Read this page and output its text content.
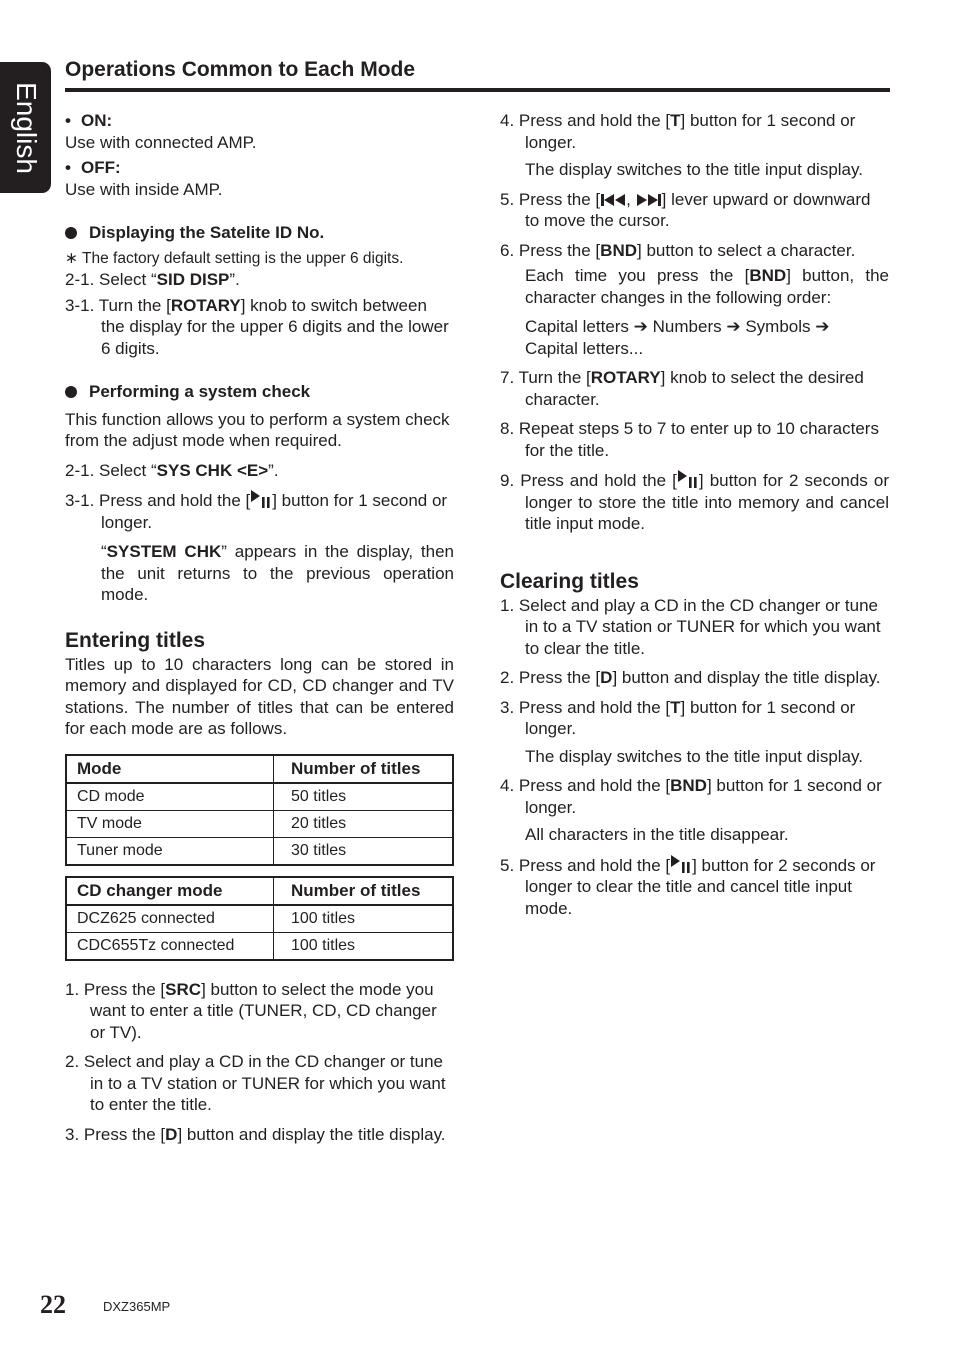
English
Operations Common to Each Mode

• ON:

Use with connected AMP.

• OFF:

Use with inside AMP.

Displaying the Satelite ID No.

∗ The factory default setting is the upper 6 digits.

2-1. Select “SID DISP”.

3-1. Turn the [ROTARY] knob to switch between the display for the upper 6 digits and the lower 6 digits.

Performing a system check

This function allows you to perform a system check from the adjust mode when required.

2-1. Select “SYS CHK <E>”.

3-1. Press and hold the [ ] button for 1 second or longer.

“SYSTEM CHK” appears in the display, then the unit returns to the previous operation mode.

Entering titles

Titles up to 10 characters long can be stored in memory and displayed for CD, CD changer and TV stations. The number of titles that can be entered for each mode are as follows.

Mode	Number of titles
CD mode	50 titles
TV mode	20 titles
Tuner mode	30 titles
CD changer mode	Number of titles
DCZ625 connected	100 titles
CDC655Tz connected	100 titles

1. Press the [SRC] button to select the mode you want to enter a title (TUNER, CD, CD changer or TV).

2. Select and play a CD in the CD changer or tune in to a TV station or TUNER for which you want to enter the title.

3. Press the [D] button and display the title display.

4. Press and hold the [T] button for 1 second or longer.

The display switches to the title input display.

5. Press the [ , ] lever upward or downward to move the cursor.

6. Press the [BND] button to select a character.

Each time you press the [BND] button, the character changes in the following order:

Capital letters ➔ Numbers ➔ Symbols ➔
Capital letters...

7. Turn the [ROTARY] knob to select the desired character.

8. Repeat steps 5 to 7 to enter up to 10 characters for the title.

9. Press and hold the [ ] button for 2 seconds or longer to store the title into memory and cancel title input mode.

Clearing titles

1. Select and play a CD in the CD changer or tune in to a TV station or TUNER for which you want to clear the title.

2. Press the [D] button and display the title display.

3. Press and hold the [T] button for 1 second or longer.

The display switches to the title input display.

4. Press and hold the [BND] button for 1 second or longer.

All characters in the title disappear.

5. Press and hold the [ ] button for 2 seconds or longer to clear the title and cancel title input mode.

22	DXZ365MP
